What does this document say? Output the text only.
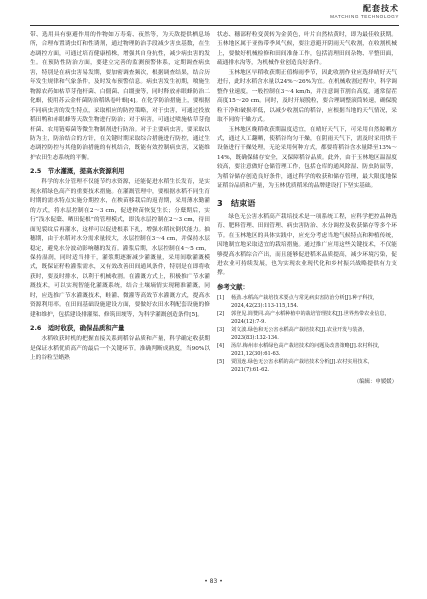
配套技术
MATCHING TECHNOLOGY

带、选用具有驱避作用的作物如万寿菊、夜然等，为天敌提供栖息场所，合理布置诱虫灯和性诱剂，通过物理防治手段减少害虫基数，在生态调控方面，可通过培育健康植株，增强其自身抗性，减少病虫害的发生。在预防性防治方面，要建立完善的监测预警体系，定期调查病虫害，特别是在病虫害易发期，要加密调查频次，根据调查结果，结合历年发生规律和气象条件，及时发布预警信息。病虫害发生初期，喷施生物源农药如枯草芽孢杆菌、白僵菌、白缰蚕等，同时释放赤眼蜂防治二化螟，使用苏云金杆菌防治稻纵卷叶螟[4]。在化学防治措施上，要根据不同病虫害的发生特点，采取相应的防控策略，对于虫害，可通过投放稻田鸭和赤眼蜂等天敌生物进行防治；对于病害，可通过喷施枯草芽孢杆菌、农用链霉菌等微生物制剂进行防治。对于主要病虫害，要采取以防为主，防治结合的方针，在关键时期采取综合措施进行防控，通过生态调控防控与其他防治措施的有机结合，既能有效控制病虫害，又能维护农田生态系统的平衡。

2.5　节水灌溉，提高水资源利用

科学的水分管理不仅能节约水资源，还能促进水稻生长发育，是实现水稻绿色高产的重要技术措施。在灌溉管理中，要根据水稻不同生育时期的需水特点实施分期控水，在秧苗移栽后的返青期，采用薄水勤灌的方式，将水层控制在2～3 cm，促进秧苗恢复生长；分蘖期后，实行“浅水促蘖、晒田促根”的管理模式，即浅水层控制在2～3 cm，待田面见裂纹后再灌水，这样可以促进根系下扎，增强水稻抗倒伏能力。抽穗期，由于水稻对水分需求量较大，水层控制在3～4 cm，并保持水层稳定，避免水分波动影响穗的发育。灌浆后期，水层控制在4～5 cm，保持湿润，同时适当排干，灌浆期逐渐减少灌溉量，采用间歇灌溉模式，既保证籽粒灌浆需水，又有效改善田间通风条件，特别是在即将收获时，要及时排水，以利于机械收割。在灌溉方式上，积极推广节水灌溉技术，可以实现智能化灌溉系统，结合土壤墒情实现精准灌溉，同时，应选推广节水灌溉技术，畦灌、微灌等高效节水灌溉方式，提高水资源利用率。在田间基础设施建设方面，要做好农田水利配套设施的修建和维护，包括建设排灌渠、修筑田埂等，为科学灌溉创造条件[5]。

2.6　适时收获，确保品质和产量

水稻收获时机的把握直接关系到稻谷品质和产量，科学确定收获期是保证水稻优质高产的最后一个关键环节。准确判断成熟度，当90%以上的谷粒呈蜡熟

状态、穗部籽粒变黄转为金黄色，叶片自然枯黄时，即为最佳收获期。玉林地区属于亚热带季风气候，要注意避开阴雨天气收割，在收割机械上，要做好机械检修和田间准备工作，包括清理田间杂物、平整田面，疏通排水沟等，为机械作业创造良好条件。

玉林地区早稻收获期正值梅雨季节，因此收割作业应选择晴好天气进行，此时水稻含水量以24%～26%为宜。在机械收割过程中，科学调整作业速度，一般控制在3～4 km/h，并注意调节割台高度，通常留茬高度15～20 cm。同时，及时开展脱粒，要合理调整滚筒转速，确保脱粒干净和破损率低，以减少收割后的稻谷，应根据当地的天气情况，采取不同的干燥方式。

玉林地区晚稻收获期温度适宜，在晴好天气下，可采用自然晾晒方式，通过人工翻晒，使稻谷均匀干燥，在阴雨天气下，需及时采用烘干设备进行干燥处理，无论采用何种方式，都要将稻谷含水量降至13%～14%，既确保储存安全，又保障稻谷品质。此外，由于玉林地区温湿度较高，要注意做好仓储管理工作，包括仓库的通风除湿、防虫防鼠等，为稻谷储存创造良好条件，通过科学的收获和储存管理，最大限度地保证稻谷品质和产量，为玉林优质稻米的品牌建设打下坚实基础。

3　结束语

绿色无公害水稻高产栽培技术是一项系统工程，应科学把控品种选育、肥料管理、田间管理、病虫害防治、水分调控及收获储存等多个环节。在玉林地区的具体实践中，应充分考虑当地气候特点和种植传统，因地制宜地采取适宜的栽培措施。通过推广应用这些关键技术，不仅能够提高水稻综合产出，而且能够促进稻米品质提高，减少环境污染，促进农业可持续发展，也为实现农业现代化和乡村振兴战略提供有力支撑。

参考文献：
[1]	杨劲.水稻高产栽培技术要点与常见病虫害防治分析[J].种子科技，2024,42(23):113-115,154.
[2]	郭登见.简赞同.高产水稻种植中的栽培管理技术[J].世界热带农业信息，2024(12):7-9.
[3]	刘文波.绿色和无公害水稻高产栽培技术[J].农业开发与装备，2023(83):132-134.
[4]	汤岸.梅州市水稻绿色高产栽培技术的问题及改善策略[J].农村科技，2021,12(30):61-63.
[5]	贾国连.绿色无公害水稻的高产栽培技术分析[J].农村实用技术，2021(7):61-62.
（编辑：申媛媛）
• 83 •
